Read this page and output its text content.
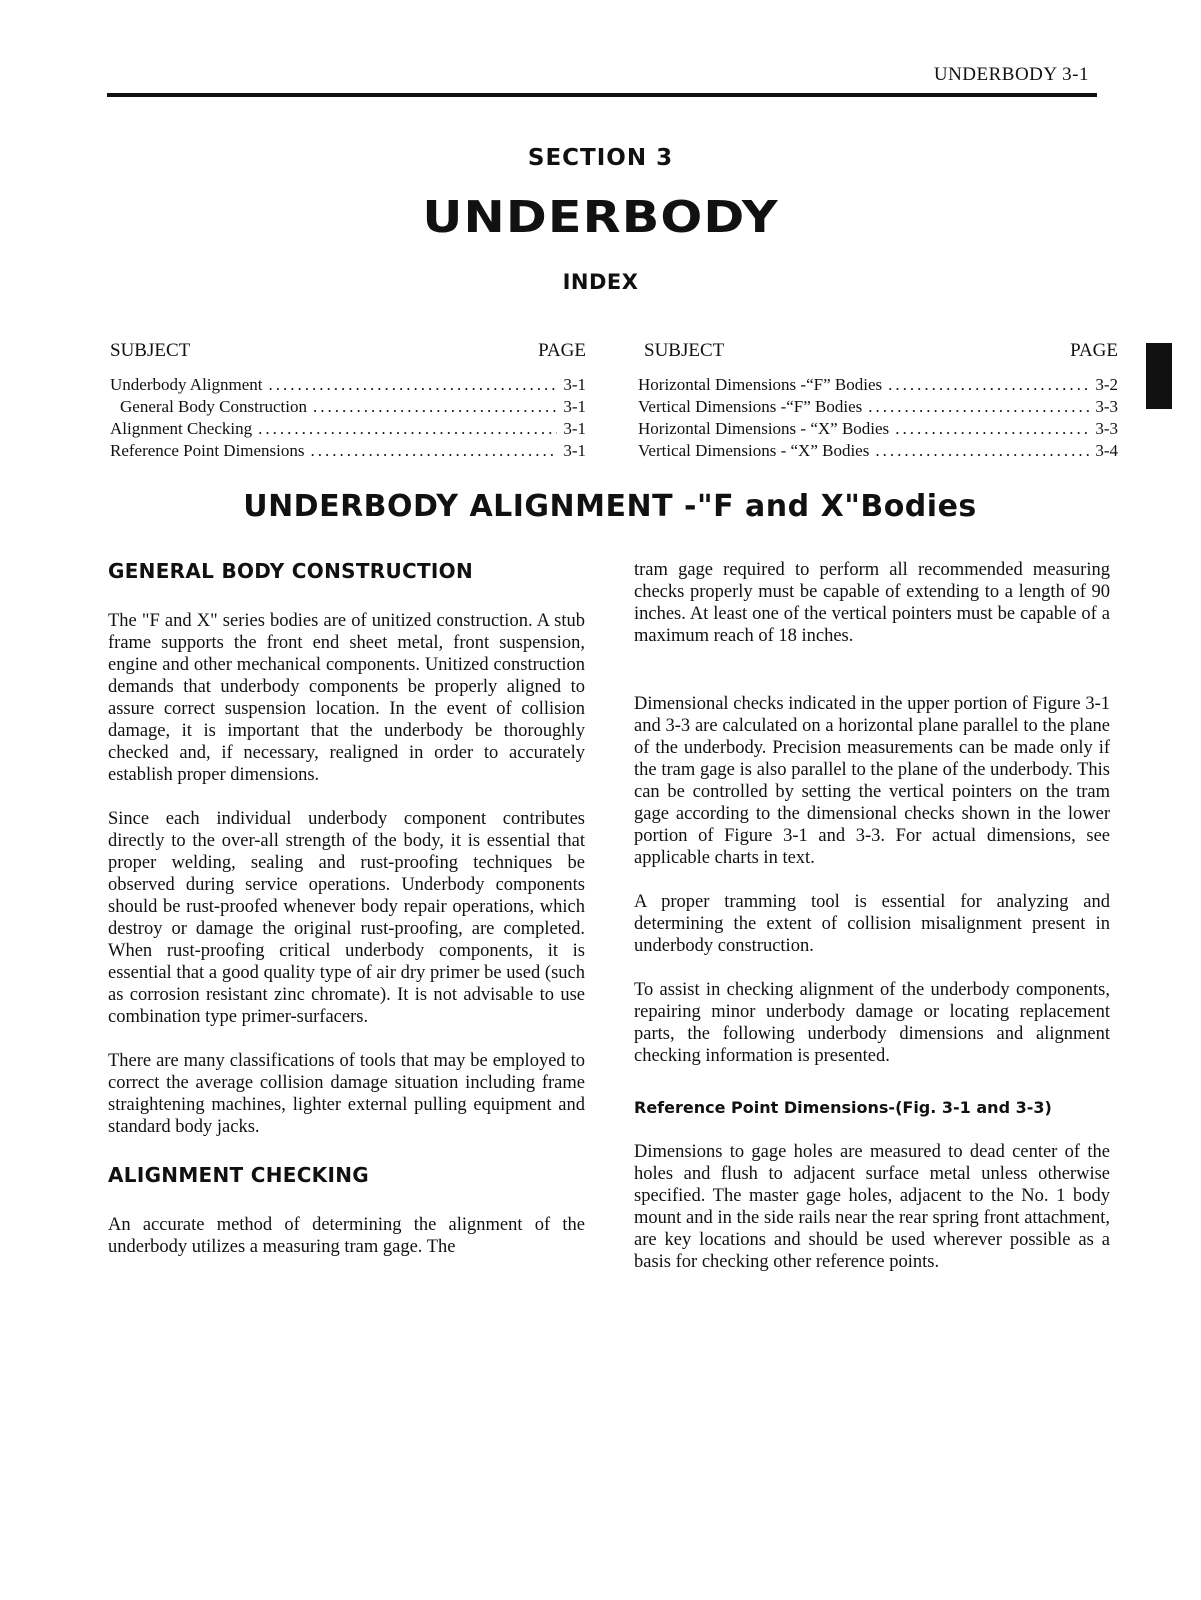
UNDERBODY 3-1
SECTION 3
UNDERBODY
INDEX
SUBJECT	PAGE
Underbody Alignment .....	3-1
General Body Construction .....	3-1
Alignment Checking .....	3-1
Reference Point Dimensions .....	3-1
SUBJECT	PAGE
Horizontal Dimensions -“F” Bodies .....	3-2
Vertical Dimensions -“F” Bodies .....	3-3
Horizontal Dimensions - “X” Bodies .....	3-3
Vertical Dimensions - “X” Bodies .....	3-4
UNDERBODY ALIGNMENT -"F and X"Bodies
GENERAL BODY CONSTRUCTION

The "F and X" series bodies are of unitized construction. A stub frame supports the front end sheet metal, front suspension, engine and other mechanical components. Unitized construction demands that underbody components be properly aligned to assure correct suspension location. In the event of collision damage, it is important that the underbody be thoroughly checked and, if necessary, realigned in order to accurately establish proper dimensions.

Since each individual underbody component contributes directly to the over-all strength of the body, it is essential that proper welding, sealing and rust-proofing techniques be observed during service operations. Underbody components should be rust-proofed whenever body repair operations, which destroy or damage the original rust-proofing, are completed. When rust-proofing critical underbody components, it is essential that a good quality type of air dry primer be used (such as corrosion resistant zinc chromate). It is not advisable to use combination type primer-surfacers.

There are many classifications of tools that may be employed to correct the average collision damage situation including frame straightening machines, lighter external pulling equipment and standard body jacks.

ALIGNMENT CHECKING

An accurate method of determining the alignment of the underbody utilizes a measuring tram gage. The

tram gage required to perform all recommended measuring checks properly must be capable of extending to a length of 90 inches. At least one of the vertical pointers must be capable of a maximum reach of 18 inches.

Dimensional checks indicated in the upper portion of Figure 3-1 and 3-3 are calculated on a horizontal plane parallel to the plane of the underbody. Precision measurements can be made only if the tram gage is also parallel to the plane of the underbody. This can be controlled by setting the vertical pointers on the tram gage according to the dimensional checks shown in the lower portion of Figure 3-1 and 3-3. For actual dimensions, see applicable charts in text.

A proper tramming tool is essential for analyzing and determining the extent of collision misalignment present in underbody construction.

To assist in checking alignment of the underbody components, repairing minor underbody damage or locating replacement parts, the following underbody dimensions and alignment checking information is presented.

Reference Point Dimensions-(Fig. 3-1 and 3-3)

Dimensions to gage holes are measured to dead center of the holes and flush to adjacent surface metal unless otherwise specified. The master gage holes, adjacent to the No. 1 body mount and in the side rails near the rear spring front attachment, are key locations and should be used wherever possible as a basis for checking other reference points.
